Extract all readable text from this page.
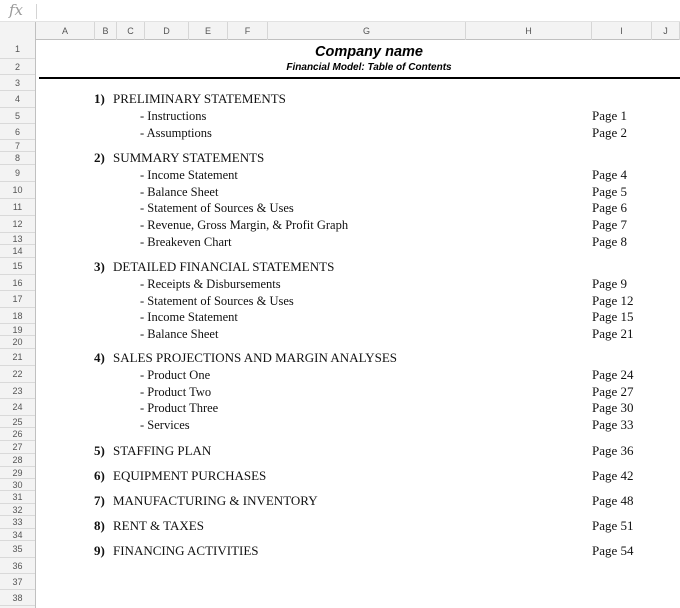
fx
A	B	C	D	E	F	G	H	I	J
1
2
3
4
5
6
7
8
9
10
11
12
13
14
15
16
17
18
19
20
21
22
23
24
25
26
27
28
29
30
31
32
33
34
35
36
37
38
Company name
Financial Model: Table of Contents
1) PRELIMINARY STATEMENTS
- Instructions	Page 1
- Assumptions	Page 2
2) SUMMARY STATEMENTS
- Income Statement	Page 4
- Balance Sheet	Page 5
- Statement of Sources & Uses	Page 6
- Revenue, Gross Margin, & Profit Graph	Page 7
- Breakeven Chart	Page 8
3) DETAILED FINANCIAL STATEMENTS
- Receipts & Disbursements	Page 9
- Statement of Sources & Uses	Page 12
- Income Statement	Page 15
- Balance Sheet	Page 21
4) SALES PROJECTIONS AND MARGIN ANALYSES
- Product One	Page 24
- Product Two	Page 27
- Product Three	Page 30
- Services	Page 33
5) STAFFING PLAN	Page 36
6) EQUIPMENT PURCHASES	Page 42
7) MANUFACTURING & INVENTORY	Page 48
8) RENT & TAXES	Page 51
9) FINANCING ACTIVITIES	Page 54
